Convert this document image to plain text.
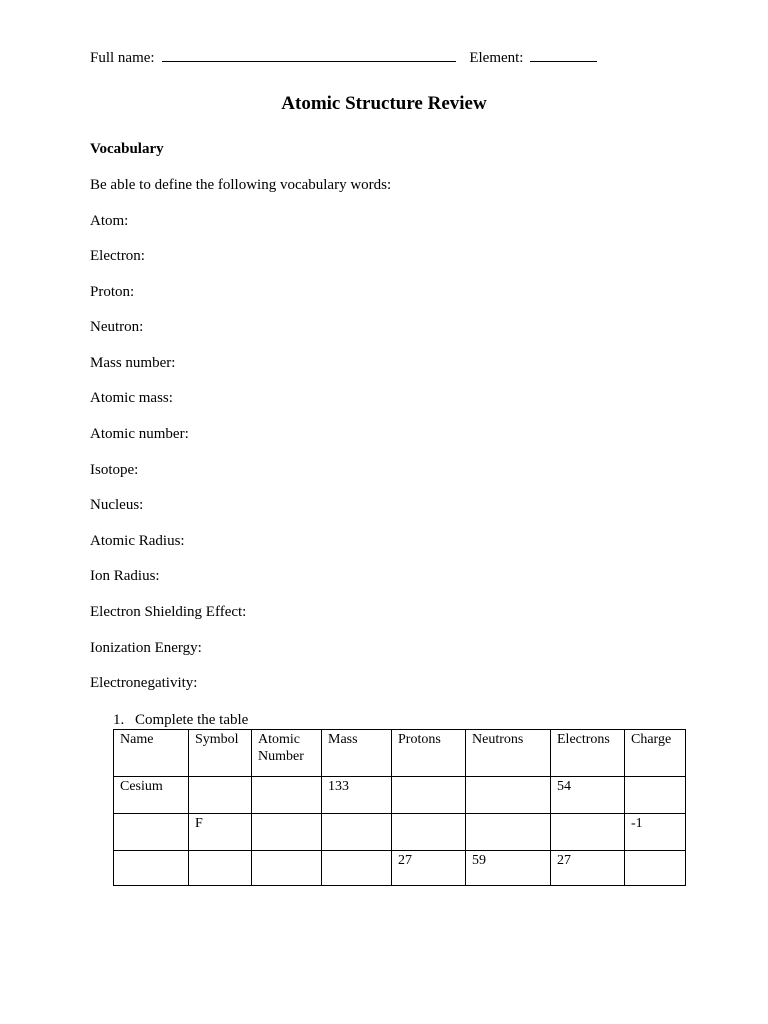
Full name:	Element:
Atomic Structure Review
Vocabulary
Be able to define the following vocabulary words:
Atom:
Electron:
Proton:
Neutron:
Mass number:
Atomic mass:
Atomic number:
Isotope:
Nucleus:
Atomic Radius:
Ion Radius:
Electron Shielding Effect:
Ionization Energy:
Electronegativity:
1. Complete the table
Name	Symbol	Atomic Number	Mass	Protons	Neutrons	Electrons	Charge
Cesium			133			54	
	F						-1
				27	59	27	
